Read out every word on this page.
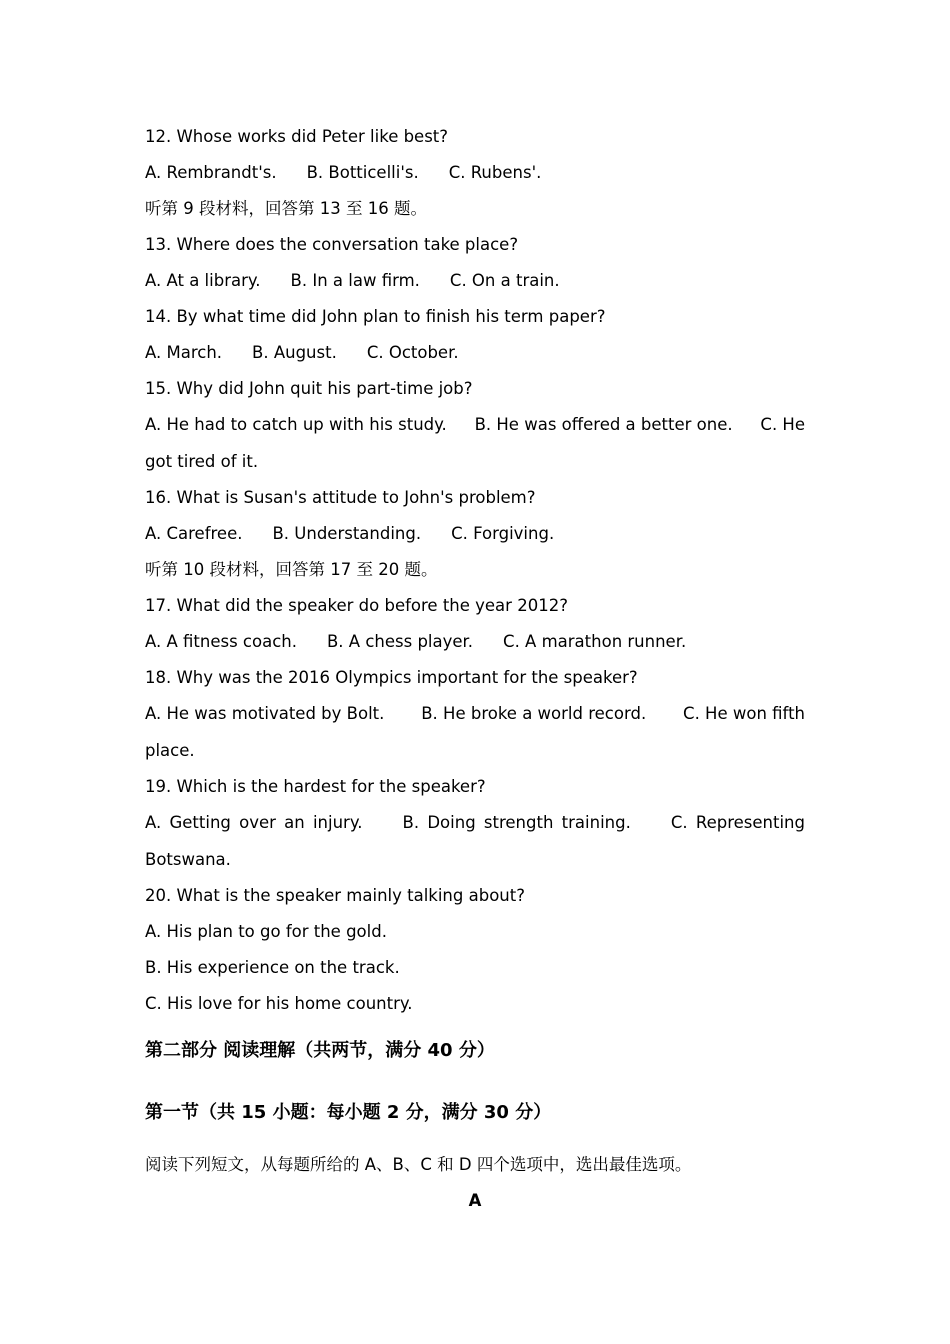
12. Whose works did Peter like best?
A. Rembrandt's. B. Botticelli's. C. Rubens'.
听第 9 段材料，回答第 13 至 16 题。
13. Where does the conversation take place?
A. At a library. B. In a law firm. C. On a train.
14. By what time did John plan to finish his term paper?
A. March. B. August. C. October.
15. Why did John quit his part-time job?
A. He had to catch up with his study. B. He was offered a better one. C. He
got tired of it.
16. What is Susan's attitude to John's problem?
A. Carefree. B. Understanding. C. Forgiving.
听第 10 段材料，回答第 17 至 20 题。
17. What did the speaker do before the year 2012?
A. A fitness coach. B. A chess player. C. A marathon runner.
18. Why was the 2016 Olympics important for the speaker?
A. He was motivated by Bolt. B. He broke a world record. C. He won fifth
place.
19. Which is the hardest for the speaker?
A. Getting over an injury. B. Doing strength training. C. Representing
Botswana.
20. What is the speaker mainly talking about?
A. His plan to go for the gold.
B. His experience on the track.
C. His love for his home country.
第二部分 阅读理解（共两节，满分 40 分）
第一节（共 15 小题：每小题 2 分，满分 30 分）
阅读下列短文，从每题所给的 A、B、C 和 D 四个选项中，选出最佳选项。
A
